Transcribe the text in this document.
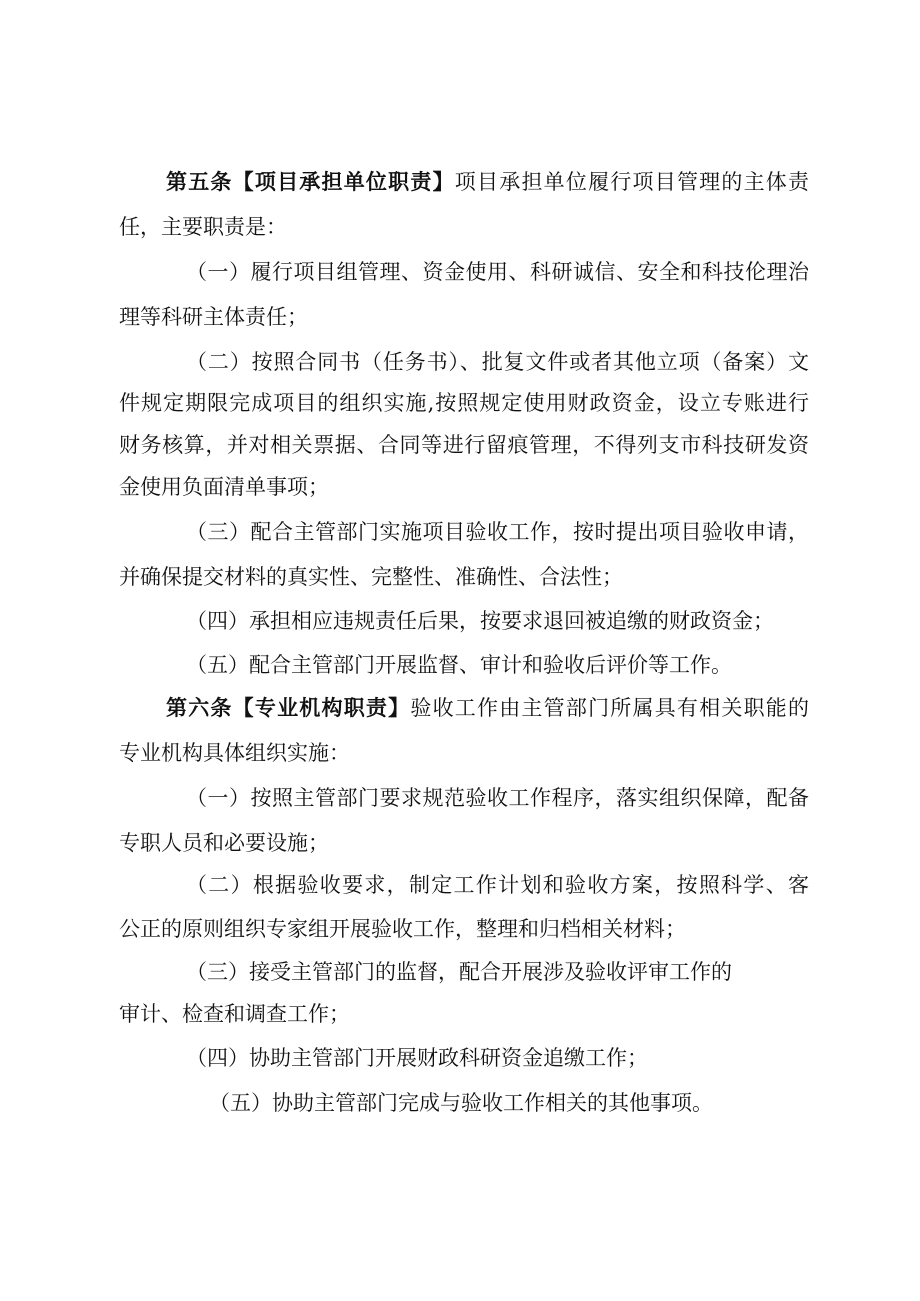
第五条【项目承担单位职责】项目承担单位履行项目管理的主体责
任，主要职责是：
（一）履行项目组管理、资金使用、科研诚信、安全和科技伦理治
理等科研主体责任；
（二）按照合同书（任务书）、批复文件或者其他立项（备案）文
件规定期限完成项目的组织实施,按照规定使用财政资金，设立专账进行
财务核算，并对相关票据、合同等进行留痕管理，不得列支市科技研发资
金使用负面清单事项；
（三）配合主管部门实施项目验收工作，按时提出项目验收申请，
并确保提交材料的真实性、完整性、准确性、合法性；
（四）承担相应违规责任后果，按要求退回被追缴的财政资金；
（五）配合主管部门开展监督、审计和验收后评价等工作。
第六条【专业机构职责】验收工作由主管部门所属具有相关职能的
专业机构具体组织实施：
（一）按照主管部门要求规范验收工作程序，落实组织保障，配备
专职人员和必要设施；
（二）根据验收要求，制定工作计划和验收方案，按照科学、客
公正的原则组织专家组开展验收工作，整理和归档相关材料；
（三）接受主管部门的监督，配合开展涉及验收评审工作的
审计、检查和调查工作；
（四）协助主管部门开展财政科研资金追缴工作；
（五）协助主管部门完成与验收工作相关的其他事项。
